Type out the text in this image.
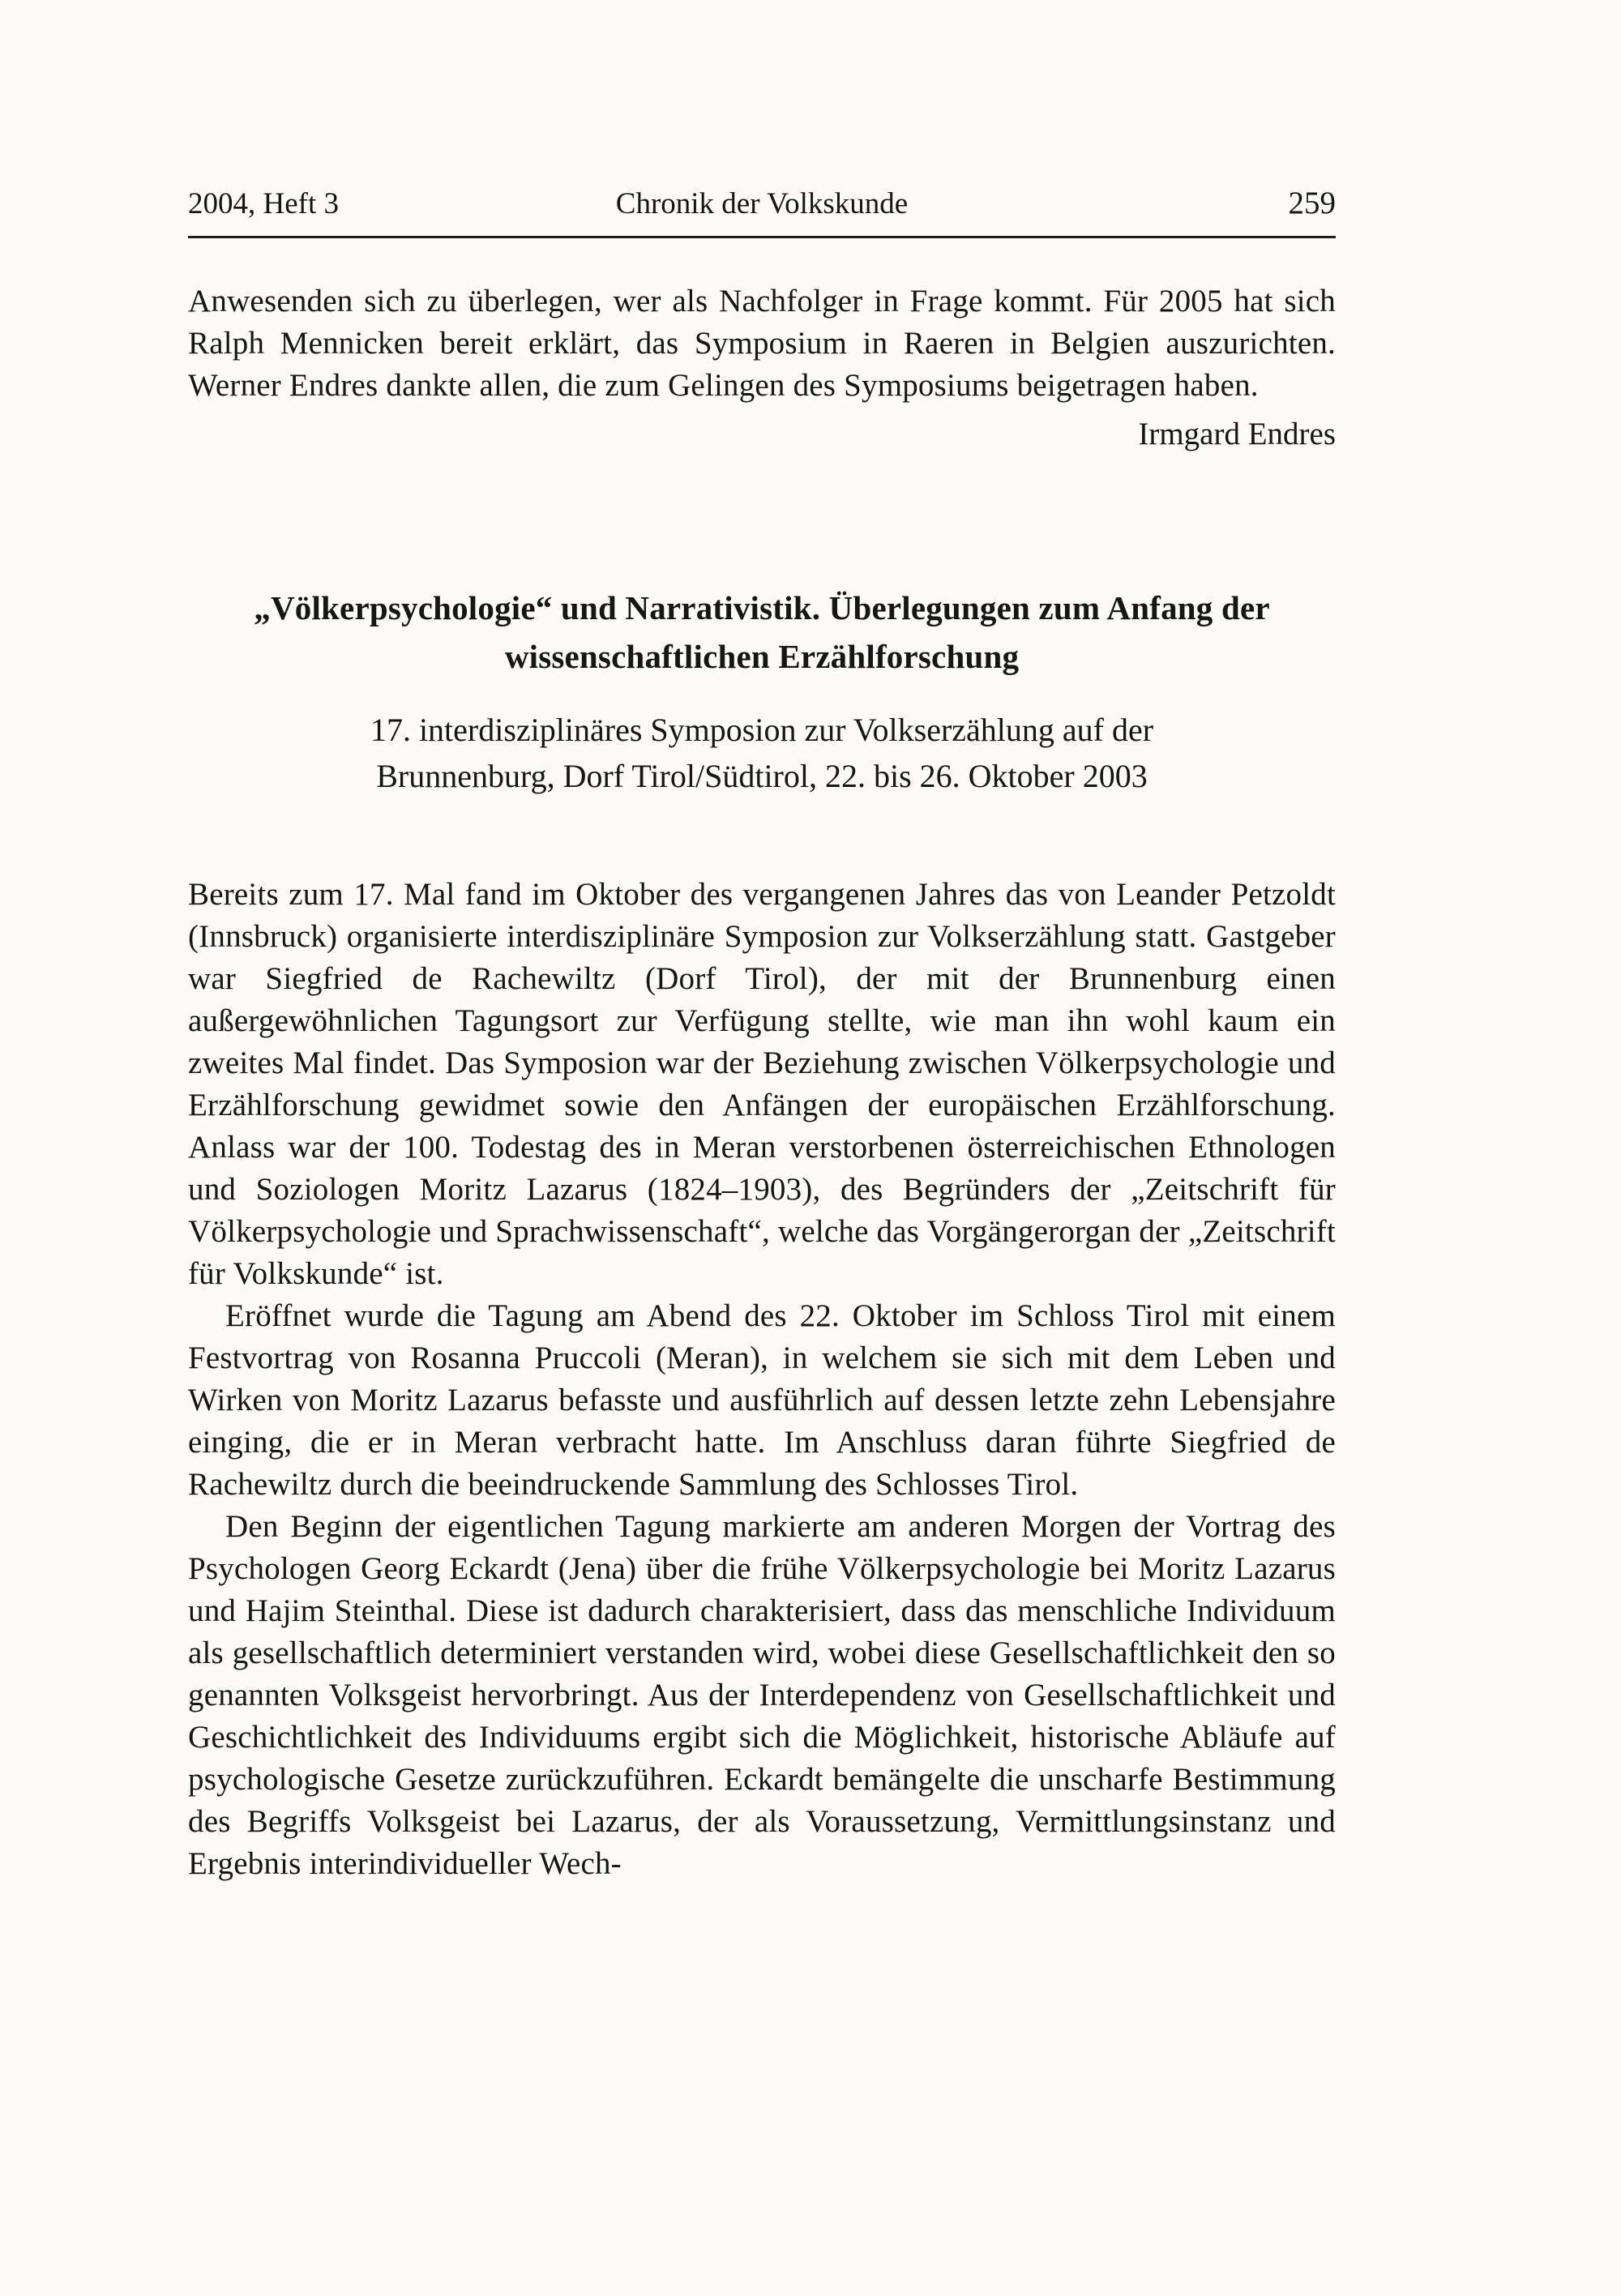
2004, Heft 3	Chronik der Volkskunde	259

Anwesenden sich zu überlegen, wer als Nachfolger in Frage kommt. Für 2005 hat sich Ralph Mennicken bereit erklärt, das Symposium in Raeren in Belgien auszurichten. Werner Endres dankte allen, die zum Gelingen des Symposiums beigetragen haben.

Irmgard Endres

„Völkerpsychologie“ und Narrativistik. Überlegungen zum Anfang der wissenschaftlichen Erzählforschung
17. interdisziplinäres Symposion zur Volkserzählung auf der Brunnenburg, Dorf Tirol/Südtirol, 22. bis 26. Oktober 2003

Bereits zum 17. Mal fand im Oktober des vergangenen Jahres das von Leander Petzoldt (Innsbruck) organisierte interdisziplinäre Symposion zur Volkserzählung statt. Gastgeber war Siegfried de Rachewiltz (Dorf Tirol), der mit der Brunnenburg einen außergewöhnlichen Tagungsort zur Verfügung stellte, wie man ihn wohl kaum ein zweites Mal findet. Das Symposion war der Beziehung zwischen Völkerpsychologie und Erzählforschung gewidmet sowie den Anfängen der europäischen Erzählforschung. Anlass war der 100. Todestag des in Meran verstorbenen österreichischen Ethnologen und Soziologen Moritz Lazarus (1824–1903), des Begründers der „Zeitschrift für Völkerpsychologie und Sprachwissenschaft“, welche das Vorgängerorgan der „Zeitschrift für Volkskunde“ ist.

Eröffnet wurde die Tagung am Abend des 22. Oktober im Schloss Tirol mit einem Festvortrag von Rosanna Pruccoli (Meran), in welchem sie sich mit dem Leben und Wirken von Moritz Lazarus befasste und ausführlich auf dessen letzte zehn Lebensjahre einging, die er in Meran verbracht hatte. Im Anschluss daran führte Siegfried de Rachewiltz durch die beeindruckende Sammlung des Schlosses Tirol.

Den Beginn der eigentlichen Tagung markierte am anderen Morgen der Vortrag des Psychologen Georg Eckardt (Jena) über die frühe Völkerpsychologie bei Moritz Lazarus und Hajim Steinthal. Diese ist dadurch charakterisiert, dass das menschliche Individuum als gesellschaftlich determiniert verstanden wird, wobei diese Gesellschaftlichkeit den so genannten Volksgeist hervorbringt. Aus der Interdependenz von Gesellschaftlichkeit und Geschichtlichkeit des Individuums ergibt sich die Möglichkeit, historische Abläufe auf psychologische Gesetze zurückzuführen. Eckardt bemängelte die unscharfe Bestimmung des Begriffs Volksgeist bei Lazarus, der als Voraussetzung, Vermittlungsinstanz und Ergebnis interindividueller Wech-
